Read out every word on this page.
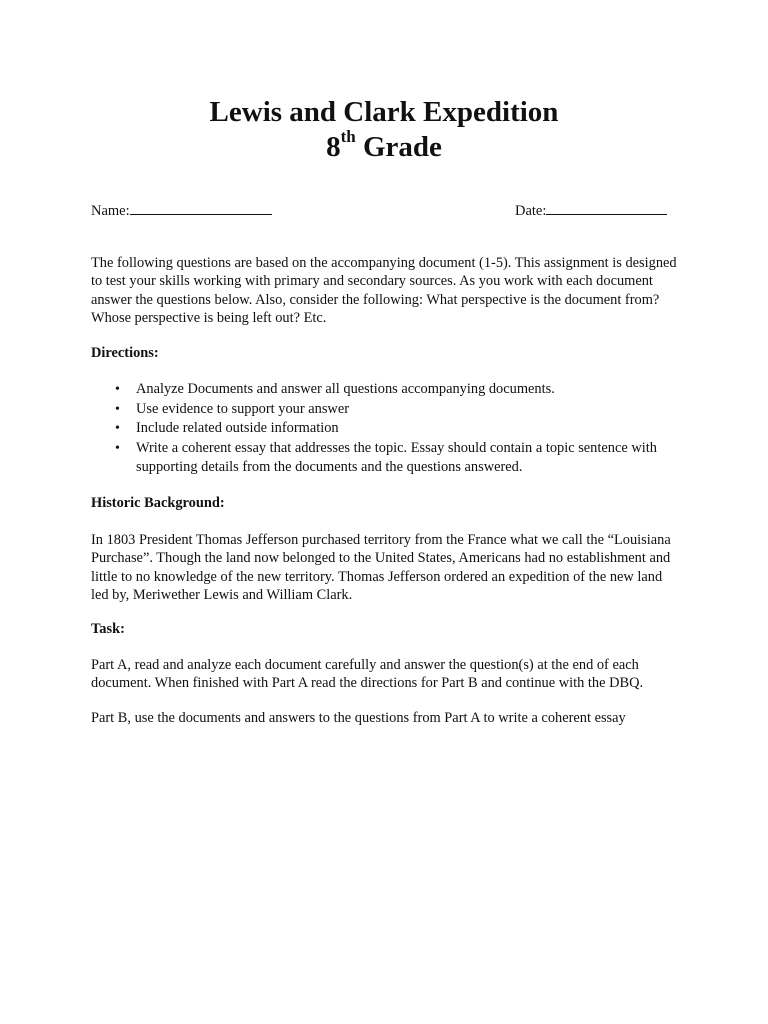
Lewis and Clark Expedition
8th Grade
Name:	Date:

The following questions are based on the accompanying document (1-5). This assignment is designed to test your skills working with primary and secondary sources. As you work with each document answer the questions below. Also, consider the following: What perspective is the document from? Whose perspective is being left out? Etc.

Directions:

• Analyze Documents and answer all questions accompanying documents.
• Use evidence to support your answer
• Include related outside information
• Write a coherent essay that addresses the topic. Essay should contain a topic sentence with supporting details from the documents and the questions answered.

Historic Background:

In 1803 President Thomas Jefferson purchased territory from the France what we call the “Louisiana Purchase”. Though the land now belonged to the United States, Americans had no establishment and little to no knowledge of the new territory. Thomas Jefferson ordered an expedition of the new land led by, Meriwether Lewis and William Clark.

Task:

Part A, read and analyze each document carefully and answer the question(s) at the end of each document. When finished with Part A read the directions for Part B and continue with the DBQ.

Part B, use the documents and answers to the questions from Part A to write a coherent essay
